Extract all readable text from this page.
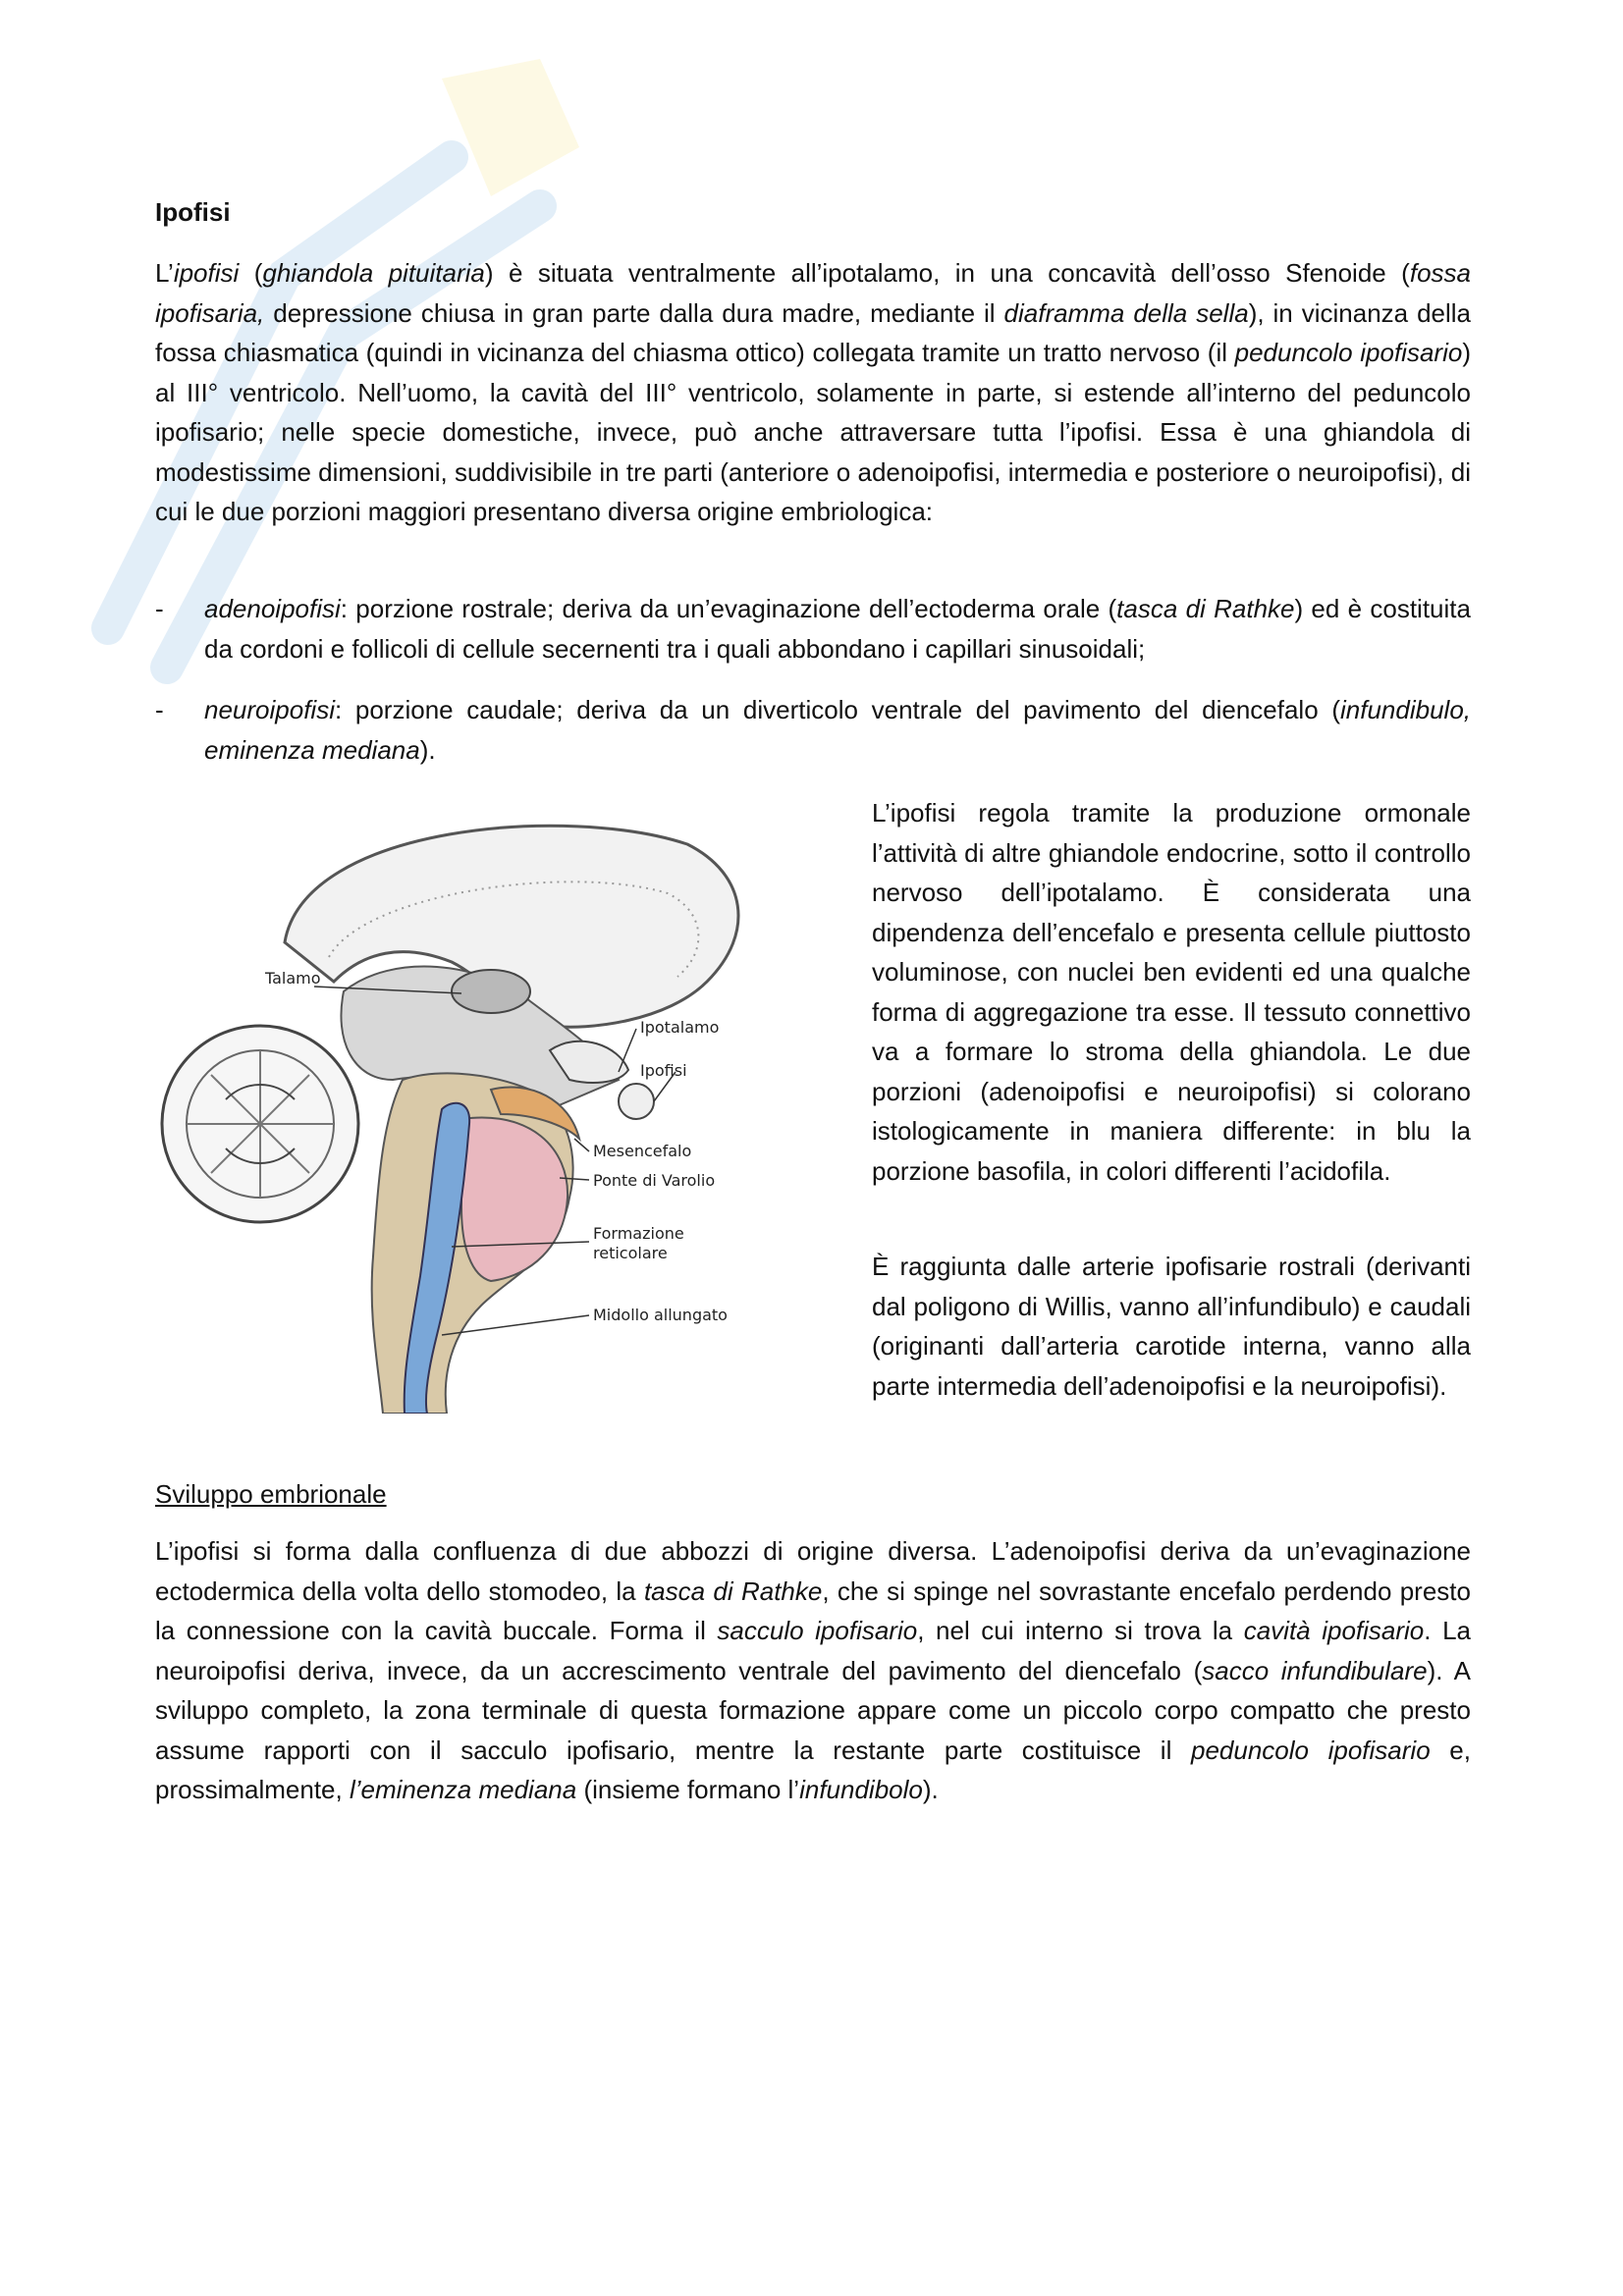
Ipofisi

L’ipofisi (ghiandola pituitaria) è situata ventralmente all’ipotalamo, in una concavità dell’osso Sfenoide (fossa ipofisaria, depressione chiusa in gran parte dalla dura madre, mediante il diaframma della sella), in vicinanza della fossa chiasmatica (quindi in vicinanza del chiasma ottico) collegata tramite un tratto nervoso (il peduncolo ipofisario) al III° ventricolo. Nell’uomo, la cavità del III° ventricolo, solamente in parte, si estende all’interno del peduncolo ipofisario; nelle specie domestiche, invece, può anche attraversare tutta l’ipofisi. Essa è una ghiandola di modestissime dimensioni, suddivisibile in tre parti (anteriore o adenoipofisi, intermedia e posteriore o neuroipofisi), di cui le due porzioni maggiori presentano diversa origine embriologica:

- adenoipofisi: porzione rostrale; deriva da un’evaginazione dell’ectoderma orale (tasca di Rathke) ed è costituita da cordoni e follicoli di cellule secernenti tra i quali abbondano i capillari sinusoidali;
- neuroipofisi: porzione caudale; deriva da un diverticolo ventrale del pavimento del diencefalo (infundibulo, eminenza mediana).
Talamo
Ipotalamo
Ipofisi
Mesencefalo
Ponte di Varolio
Formazione
reticolare
Midollo allungato

L’ipofisi regola tramite la produzione ormonale l’attività di altre ghiandole endocrine, sotto il controllo nervoso dell’ipotalamo. È considerata una dipendenza dell’encefalo e presenta cellule piuttosto voluminose, con nuclei ben evidenti ed una qualche forma di aggregazione tra esse. Il tessuto connettivo va a formare lo stroma della ghiandola. Le due porzioni (adenoipofisi e neuroipofisi) si colorano istologicamente in maniera differente: in blu la porzione basofila, in colori differenti l’acidofila.

È raggiunta dalle arterie ipofisarie rostrali (derivanti dal poligono di Willis, vanno all’infundibulo) e caudali (originanti dall’arteria carotide interna, vanno alla parte intermedia dell’adenoipofisi e la neuroipofisi).

Sviluppo embrionale

L’ipofisi si forma dalla confluenza di due abbozzi di origine diversa. L’adenoipofisi deriva da un’evaginazione ectodermica della volta dello stomodeo, la tasca di Rathke, che si spinge nel sovrastante encefalo perdendo presto la connessione con la cavità buccale. Forma il sacculo ipofisario, nel cui interno si trova la cavità ipofisario. La neuroipofisi deriva, invece, da un accrescimento ventrale del pavimento del diencefalo (sacco infundibulare). A sviluppo completo, la zona terminale di questa formazione appare come un piccolo corpo compatto che presto assume rapporti con il sacculo ipofisario, mentre la restante parte costituisce il peduncolo ipofisario e, prossimalmente, l’eminenza mediana (insieme formano l’infundibolo).
